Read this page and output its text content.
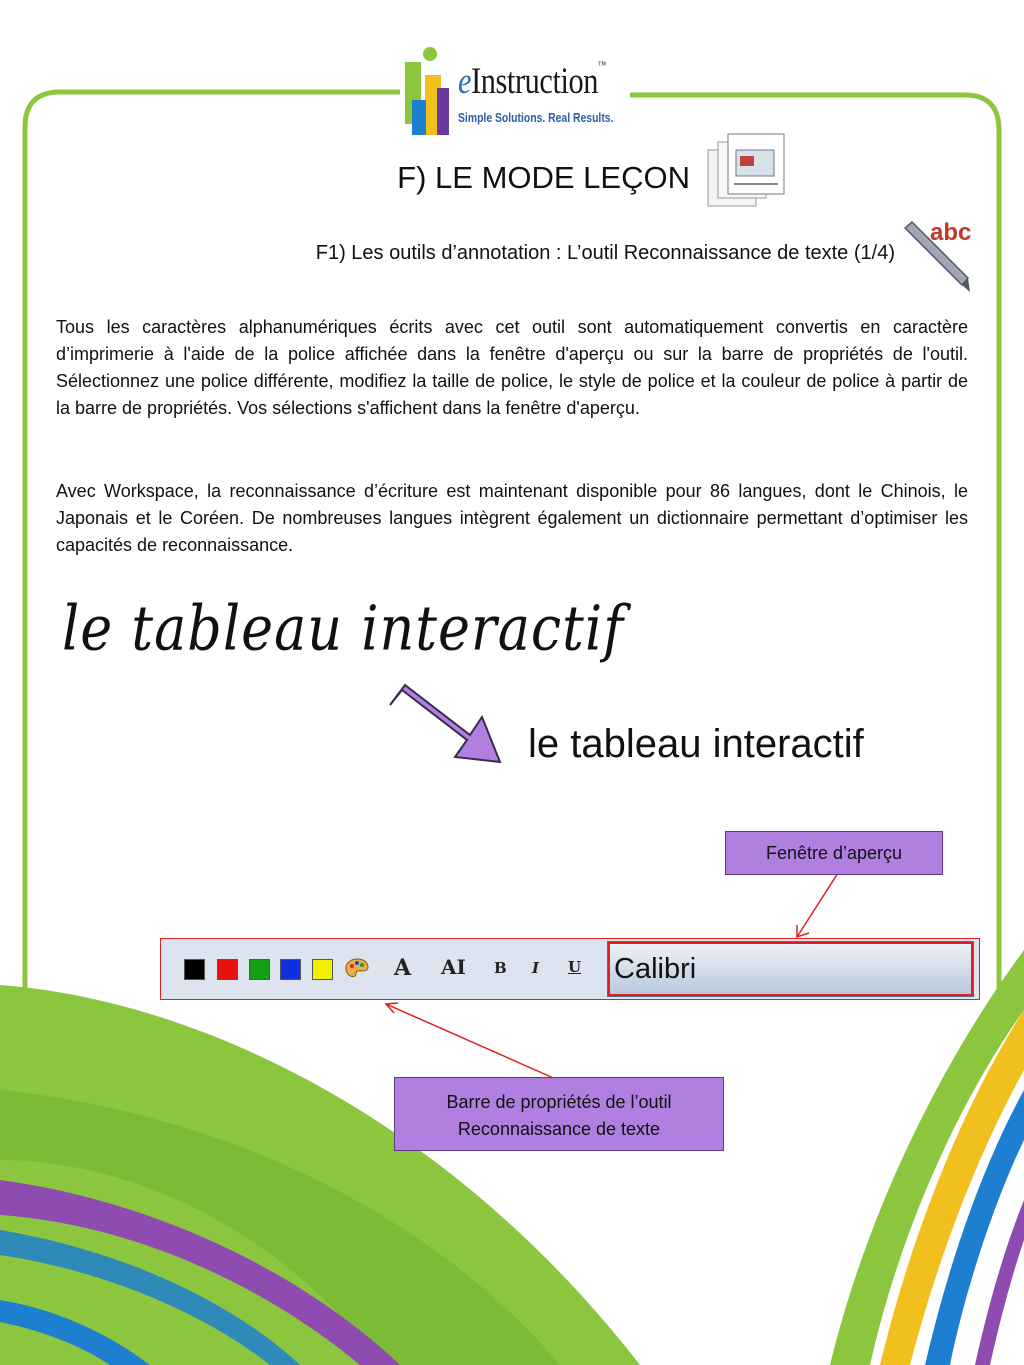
abc
eInstruction™
Simple Solutions. Real Results.
F) LE MODE LEÇON
F1) Les outils d’annotation : L’outil Reconnaissance de texte (1/4)

Tous les caractères alphanumériques écrits avec cet outil sont automatiquement convertis en caractère d’imprimerie à l'aide de la police affichée dans la fenêtre d'aperçu ou sur la barre de propriétés de l'outil. Sélectionnez une police différente, modifiez la taille de police, le style de police et la couleur de police à partir de la barre de propriétés. Vos sélections s'affichent dans la fenêtre d'aperçu.

Avec Workspace, la reconnaissance d’écriture est maintenant disponible pour 86 langues, dont le Chinois, le Japonais et le Coréen. De nombreuses langues intègrent également un dictionnaire permettant d’optimiser les capacités de reconnaissance.

le tableau interactif
le tableau interactif
Fenêtre d’aperçu
A AI B I U Calibri
Barre de propriétés de l’outil
Reconnaissance de texte
